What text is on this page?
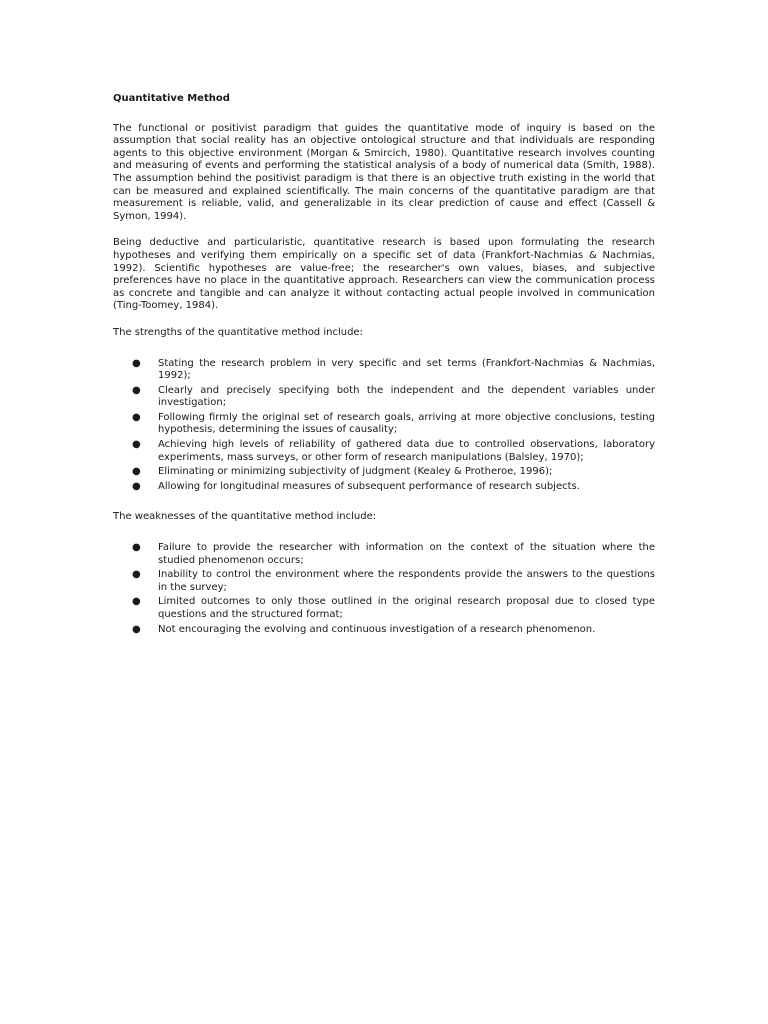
Quantitative Method

The functional or positivist paradigm that guides the quantitative mode of inquiry is based on the assumption that social reality has an objective ontological structure and that individuals are responding agents to this objective environment (Morgan & Smircich, 1980). Quantitative research involves counting and measuring of events and performing the statistical analysis of a body of numerical data (Smith, 1988). The assumption behind the positivist paradigm is that there is an objective truth existing in the world that can be measured and explained scientifically. The main concerns of the quantitative paradigm are that measurement is reliable, valid, and generalizable in its clear prediction of cause and effect (Cassell & Symon, 1994).

Being deductive and particularistic, quantitative research is based upon formulating the research hypotheses and verifying them empirically on a specific set of data (Frankfort-Nachmias & Nachmias, 1992). Scientific hypotheses are value-free; the researcher's own values, biases, and subjective preferences have no place in the quantitative approach. Researchers can view the communication process as concrete and tangible and can analyze it without contacting actual people involved in communication (Ting-Toomey, 1984).

The strengths of the quantitative method include:

● Stating the research problem in very specific and set terms (Frankfort-Nachmias & Nachmias, 1992);
● Clearly and precisely specifying both the independent and the dependent variables under investigation;
● Following firmly the original set of research goals, arriving at more objective conclusions, testing hypothesis, determining the issues of causality;
● Achieving high levels of reliability of gathered data due to controlled observations, laboratory experiments, mass surveys, or other form of research manipulations (Balsley, 1970);
● Eliminating or minimizing subjectivity of judgment (Kealey & Protheroe, 1996);
● Allowing for longitudinal measures of subsequent performance of research subjects.

The weaknesses of the quantitative method include:

● Failure to provide the researcher with information on the context of the situation where the studied phenomenon occurs;
● Inability to control the environment where the respondents provide the answers to the questions in the survey;
● Limited outcomes to only those outlined in the original research proposal due to closed type questions and the structured format;
● Not encouraging the evolving and continuous investigation of a research phenomenon.
